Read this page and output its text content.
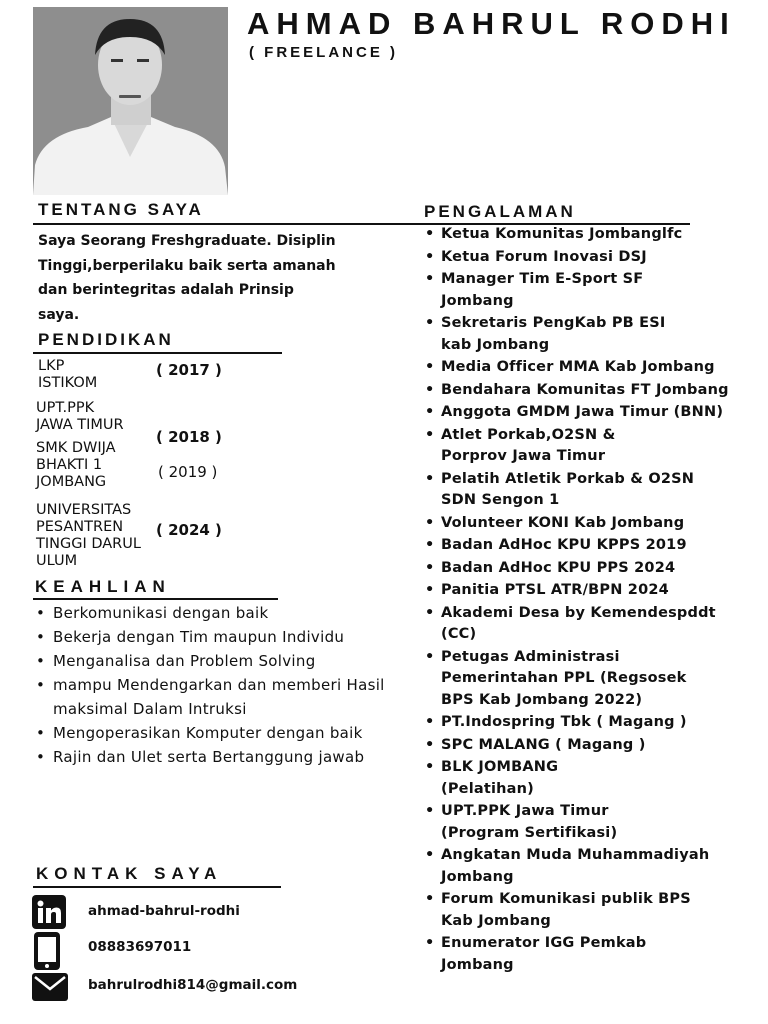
AHMAD BAHRUL RODHI
( FREELANCE )
TENTANG SAYA
Saya Seorang Freshgraduate. Disiplin Tinggi,berperilaku baik serta amanah dan berintegritas adalah Prinsip saya.
PENGALAMAN
• Ketua Komunitas Jombanglfc
• Ketua Forum Inovasi DSJ
• Manager Tim E-Sport SF
Jombang
• Sekretaris PengKab PB ESI
kab Jombang
• Media Officer MMA Kab Jombang
• Bendahara Komunitas FT Jombang
• Anggota GMDM Jawa Timur (BNN)
• Atlet Porkab,O2SN &
Porprov Jawa Timur
• Pelatih Atletik Porkab & O2SN
SDN Sengon 1
• Volunteer KONI Kab Jombang
• Badan AdHoc KPU KPPS 2019
• Badan AdHoc KPU PPS 2024
• Panitia PTSL ATR/BPN 2024
• Akademi Desa by Kemendespddt
(CC)
• Petugas Administrasi
Pemerintahan PPL (Regsosek
BPS Kab Jombang 2022)
• PT.Indospring Tbk ( Magang )
• SPC MALANG ( Magang )
• BLK JOMBANG
(Pelatihan)
• UPT.PPK Jawa Timur
(Program Sertifikasi)
• Angkatan Muda Muhammadiyah
Jombang
• Forum Komunikasi publik BPS
Kab Jombang
• Enumerator IGG Pemkab
Jombang
PENDIDIKAN
LKP
ISTIKOM
( 2017 )
UPT.PPK
JAWA TIMUR
( 2018 )
SMK DWIJA
BHAKTI 1
JOMBANG
( 2019 )
UNIVERSITAS
PESANTREN
TINGGI DARUL
ULUM
( 2024 )
KEAHLIAN
• Berkomunikasi dengan baik
• Bekerja dengan Tim maupun Individu
• Menganalisa dan Problem Solving
• mampu Mendengarkan dan memberi Hasil maksimal Dalam Intruksi
• Mengoperasikan Komputer dengan baik
• Rajin dan Ulet serta Bertanggung jawab
KONTAK SAYA
ahmad-bahrul-rodhi
08883697011
bahrulrodhi814@gmail.com
